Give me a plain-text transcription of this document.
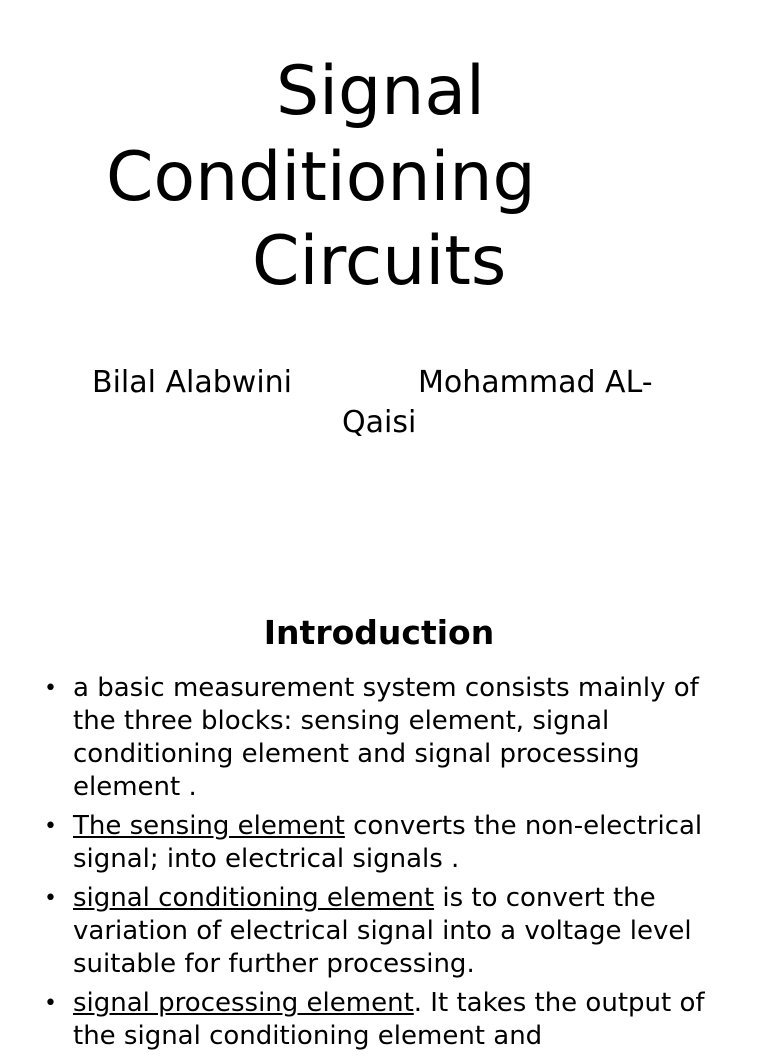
Signal
Conditioning
Circuits
Bilal Alabwini	Mohammad AL-
Qaisi
Introduction
• a basic measurement system consists mainly of the three blocks: sensing element, signal conditioning element and signal processing element .
• The sensing element converts the non-electrical signal; into electrical signals .
• signal conditioning element is to convert the variation of electrical signal into a voltage level suitable for further processing.
• signal processing element. It takes the output of the signal conditioning element and
